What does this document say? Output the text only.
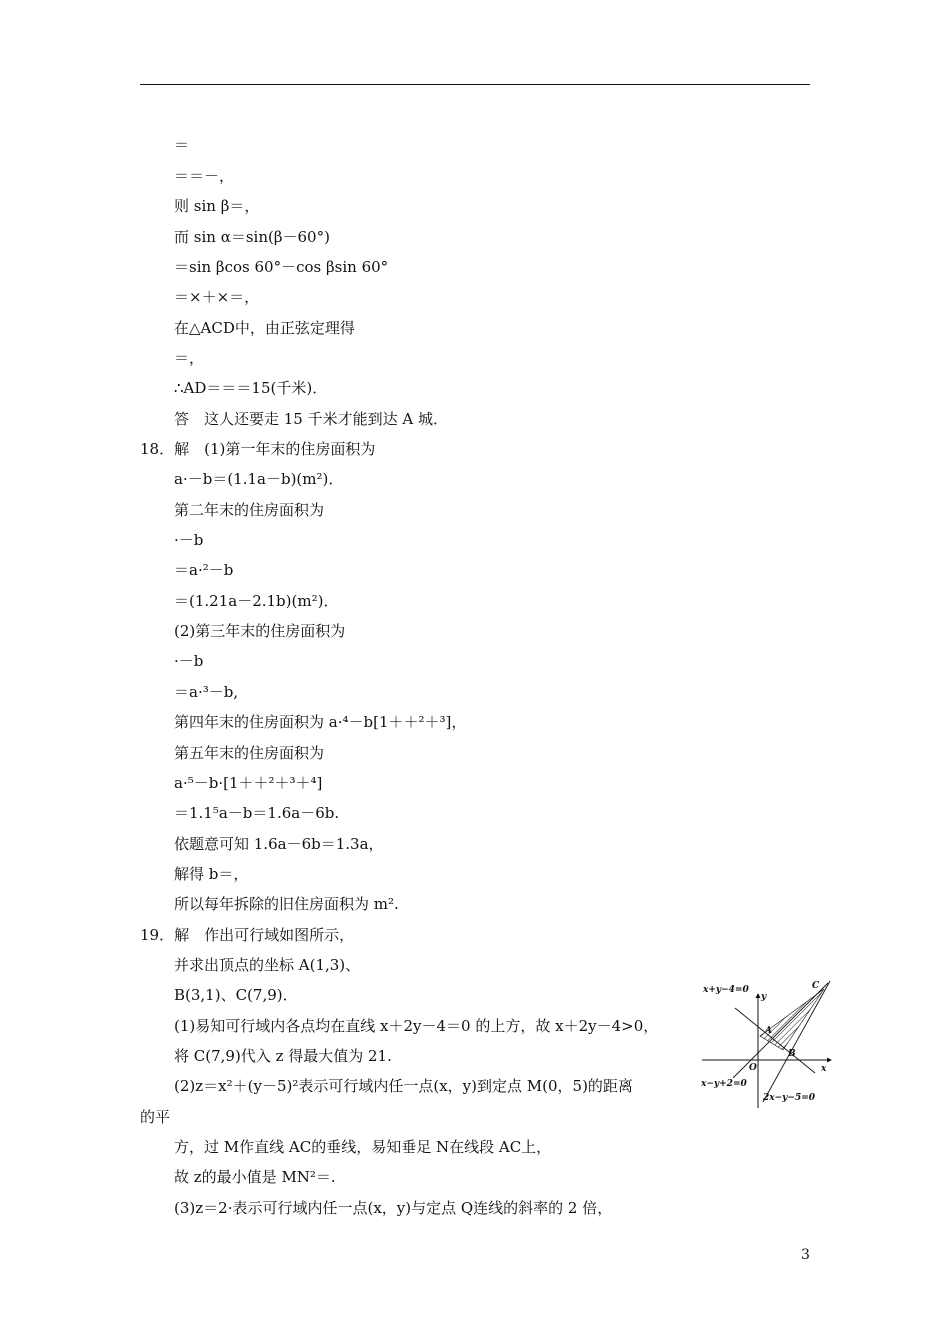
＝
＝＝－，
则 sin β＝，
而 sin α＝sin(β－60°)
＝sin βcos 60°－cos βsin 60°
＝×＋×＝，
在△ACD中，由正弦定理得
＝，
∴AD＝＝＝15(千米)．
答　这人还要走 15 千米才能到达 A 城．
18．解　(1)第一年末的住房面积为
a·－b＝(1.1a－b)(m²)．
第二年末的住房面积为
·－b
＝a·²－b
＝(1.21a－2.1b)(m²)．
(2)第三年末的住房面积为
·－b
＝a·³－b,
第四年末的住房面积为 a·⁴－b[1＋＋²＋³]，
第五年末的住房面积为
a·⁵－b·[1＋＋²＋³＋⁴]
＝1.1⁵a－b＝1.6a－6b.
依题意可知 1.6a－6b＝1.3a，
解得 b＝，
所以每年拆除的旧住房面积为 m².
19．解　作出可行域如图所示，
并求出顶点的坐标 A(1,3)、
B(3,1)、C(7,9)．
(1)易知可行域内各点均在直线 x＋2y－4＝0 的上方，故 x＋2y－4>0，
将 C(7,9)代入 z 得最大值为 21.
(2)z＝x²＋(y－5)²表示可行域内任一点(x，y)到定点 M(0，5)的距离
的平
方，过 M作直线 AC的垂线，易知垂足 N在线段 AC上，
故 z的最小值是 MN²＝.
(3)z＝2·表示可行域内任一点(x，y)与定点 Q连线的斜率的 2 倍，
x+y−4=0
y
C
A
B
O	x
x−y+2=0
2x−y−5=0
3
